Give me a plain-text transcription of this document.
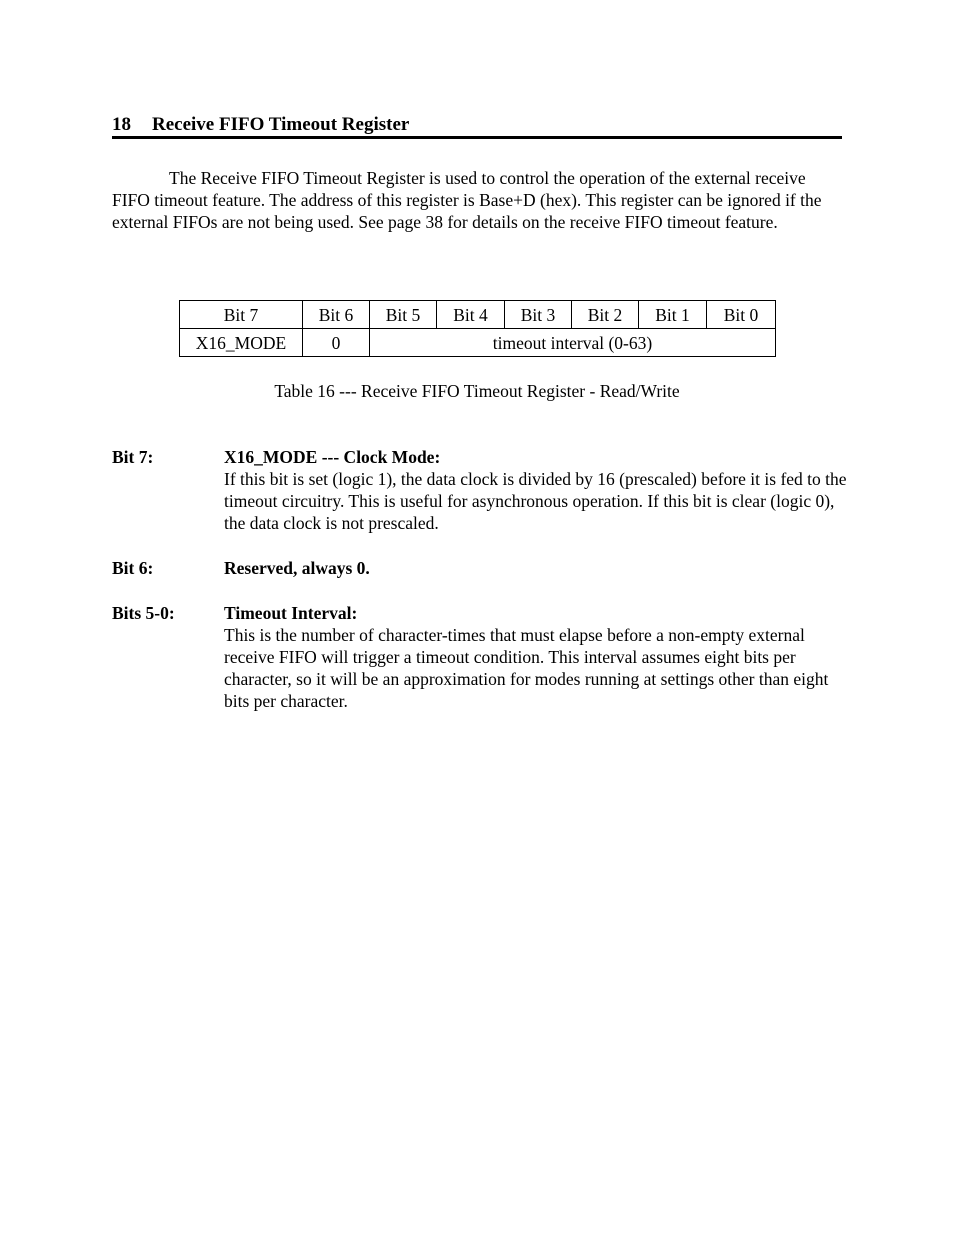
18 Receive FIFO Timeout Register

The Receive FIFO Timeout Register is used to control the operation of the external receive FIFO timeout feature. The address of this register is Base+D (hex). This register can be ignored if the external FIFOs are not being used. See page 38 for details on the receive FIFO timeout feature.

Bit 7	Bit 6	Bit 5	Bit 4	Bit 3	Bit 2	Bit 1	Bit 0
X16_MODE	0	timeout interval (0-63)					
Table 16 --- Receive FIFO Timeout Register - Read/Write
Bit 7:	X16_MODE --- Clock Mode:

If this bit is set (logic 1), the data clock is divided by 16 (prescaled) before it is fed to the timeout circuitry. This is useful for asynchronous operation. If this bit is clear (logic 0), the data clock is not prescaled.

Bit 6:	Reserved, always 0.
Bits 5-0:	Timeout Interval:

This is the number of character-times that must elapse before a non-empty external receive FIFO will trigger a timeout condition. This interval assumes eight bits per character, so it will be an approximation for modes running at settings other than eight bits per character.
